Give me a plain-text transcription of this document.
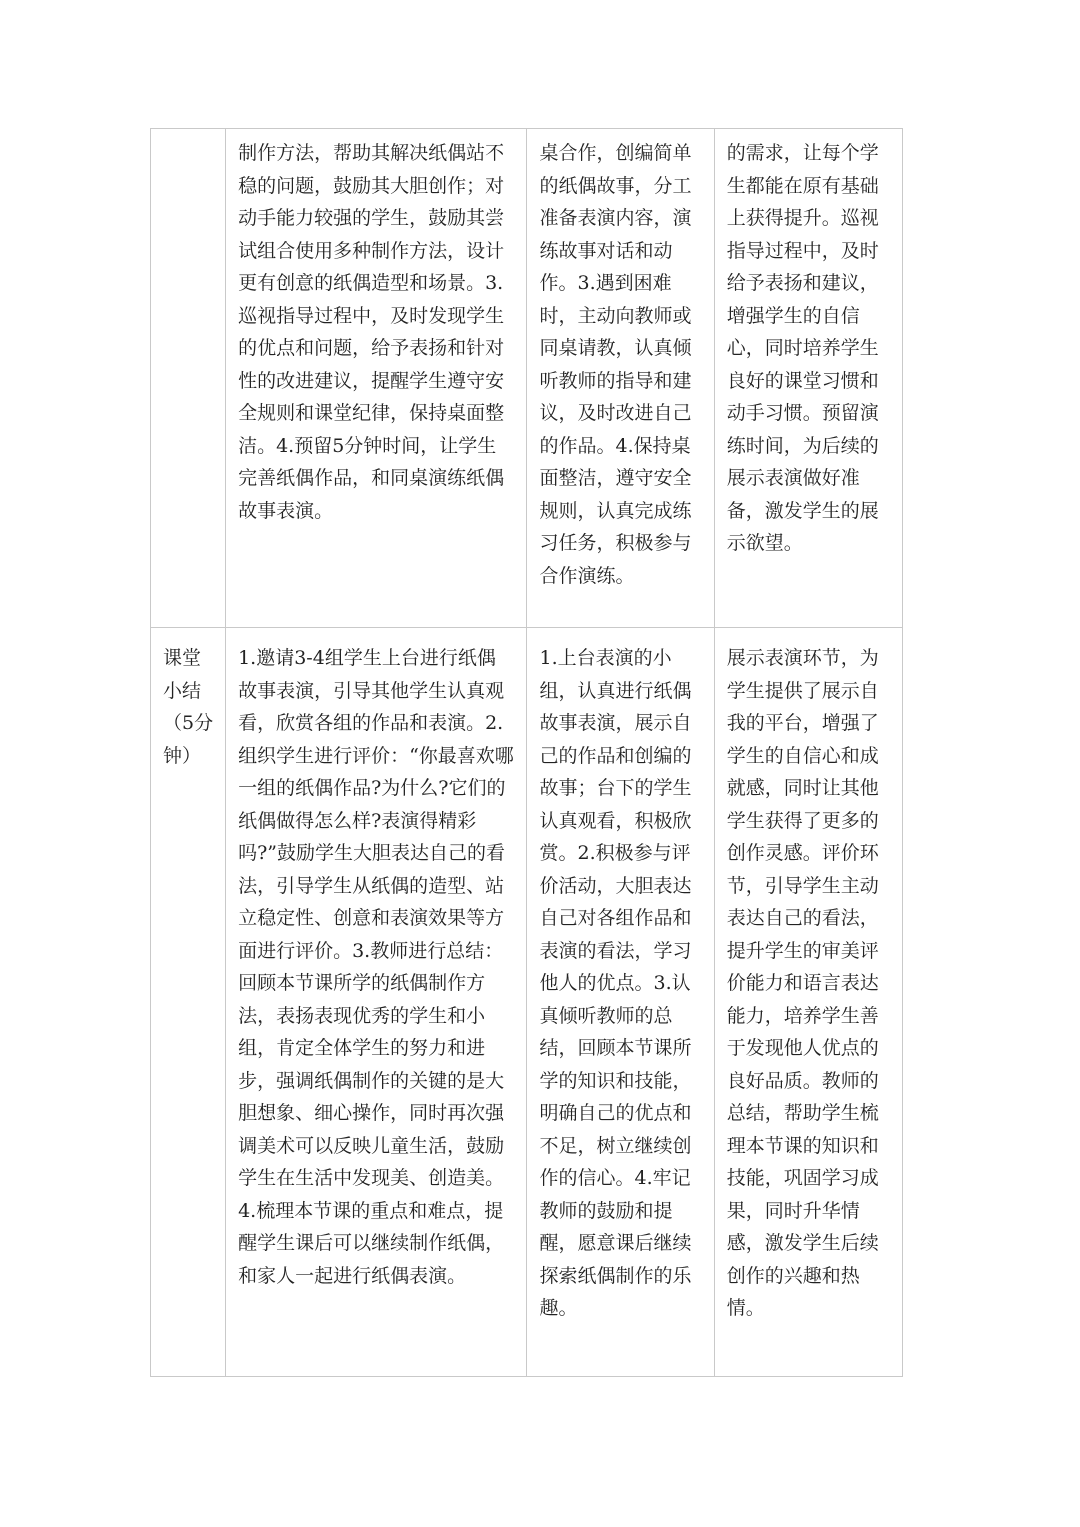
	制作方法，帮助其解决纸偶站不稳的问题，鼓励其大胆创作；对动手能力较强的学生，鼓励其尝试组合使用多种制作方法，设计更有创意的纸偶造型和场景。3.巡视指导过程中，及时发现学生的优点和问题，给予表扬和针对性的改进建议，提醒学生遵守安全规则和课堂纪律，保持桌面整洁。4.预留5分钟时间，让学生完善纸偶作品，和同桌演练纸偶故事表演。	桌合作，创编简单的纸偶故事，分工准备表演内容，演练故事对话和动作。3.遇到困难时，主动向教师或同桌请教，认真倾听教师的指导和建议，及时改进自己的作品。4.保持桌面整洁，遵守安全规则，认真完成练习任务，积极参与合作演练。	的需求，让每个学生都能在原有基础上获得提升。巡视指导过程中，及时给予表扬和建议，增强学生的自信心，同时培养学生良好的课堂习惯和动手习惯。预留演练时间，为后续的展示表演做好准备，激发学生的展示欲望。

课堂小结（5分钟）	1.邀请3-4组学生上台进行纸偶故事表演，引导其他学生认真观看，欣赏各组的作品和表演。2.组织学生进行评价：“你最喜欢哪一组的纸偶作品?为什么?它们的纸偶做得怎么样?表演得精彩吗?”鼓励学生大胆表达自己的看法，引导学生从纸偶的造型、站立稳定性、创意和表演效果等方面进行评价。3.教师进行总结：回顾本节课所学的纸偶制作方法，表扬表现优秀的学生和小组，肯定全体学生的努力和进步，强调纸偶制作的关键的是大胆想象、细心操作，同时再次强调美术可以反映儿童生活，鼓励学生在生活中发现美、创造美。4.梳理本节课的重点和难点，提醒学生课后可以继续制作纸偶，和家人一起进行纸偶表演。	1.上台表演的小组，认真进行纸偶故事表演，展示自己的作品和创编的故事；台下的学生认真观看，积极欣赏。2.积极参与评价活动，大胆表达自己对各组作品和表演的看法，学习他人的优点。3.认真倾听教师的总结，回顾本节课所学的知识和技能，明确自己的优点和不足，树立继续创作的信心。4.牢记教师的鼓励和提醒，愿意课后继续探索纸偶制作的乐趣。	展示表演环节，为学生提供了展示自我的平台，增强了学生的自信心和成就感，同时让其他学生获得了更多的创作灵感。评价环节，引导学生主动表达自己的看法，提升学生的审美评价能力和语言表达能力，培养学生善于发现他人优点的良好品质。教师的总结，帮助学生梳理本节课的知识和技能，巩固学习成果，同时升华情感，激发学生后续创作的兴趣和热情。
